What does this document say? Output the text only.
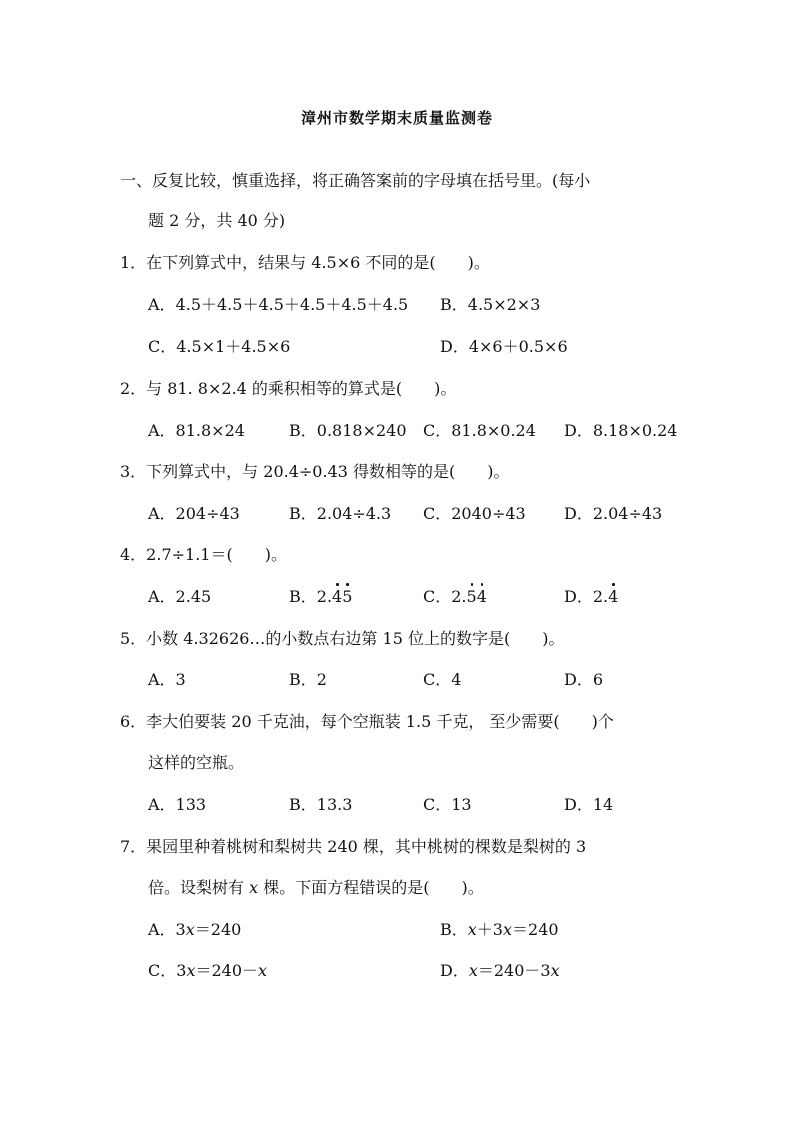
漳州市数学期末质量监测卷
一、反复比较，慎重选择，将正确答案前的字母填在括号里。(每小
题 2 分，共 40 分)
1．在下列算式中，结果与 4.5×6 不同的是(　　)。
A．4.5＋4.5＋4.5＋4.5＋4.5＋4.5 B．4.5×2×3
C．4.5×1＋4.5×6	D．4×6＋0.5×6
2．与 81. 8×2.4 的乘积相等的算式是(　　)。
A．81.8×24	B．0.818×240 C．81.8×0.24 D．8.18×0.24
3．下列算式中，与 20.4÷0.43 得数相等的是(　　)。
A．204÷43	B．2.04÷4.3 C．2040÷43 D．2.04÷43
4．2.7÷1.1＝(　　)。
A．2.45	B．2.45	C．2.54	D．2.4
5．小数 4.32626…的小数点右边第 15 位上的数字是(　　)。
A．3	B．2	C．4	D．6
6．李大伯要装 20 千克油，每个空瓶装 1.5 千克， 至少需要(　　)个
这样的空瓶。
A．133	B．13.3	C．13	D．14
7．果园里种着桃树和梨树共 240 棵，其中桃树的棵数是梨树的 3
倍。设梨树有 x 棵。下面方程错误的是(　　)。
A．3x＝240	B．x＋3x＝240
C．3x＝240－x	D．x＝240－3x
